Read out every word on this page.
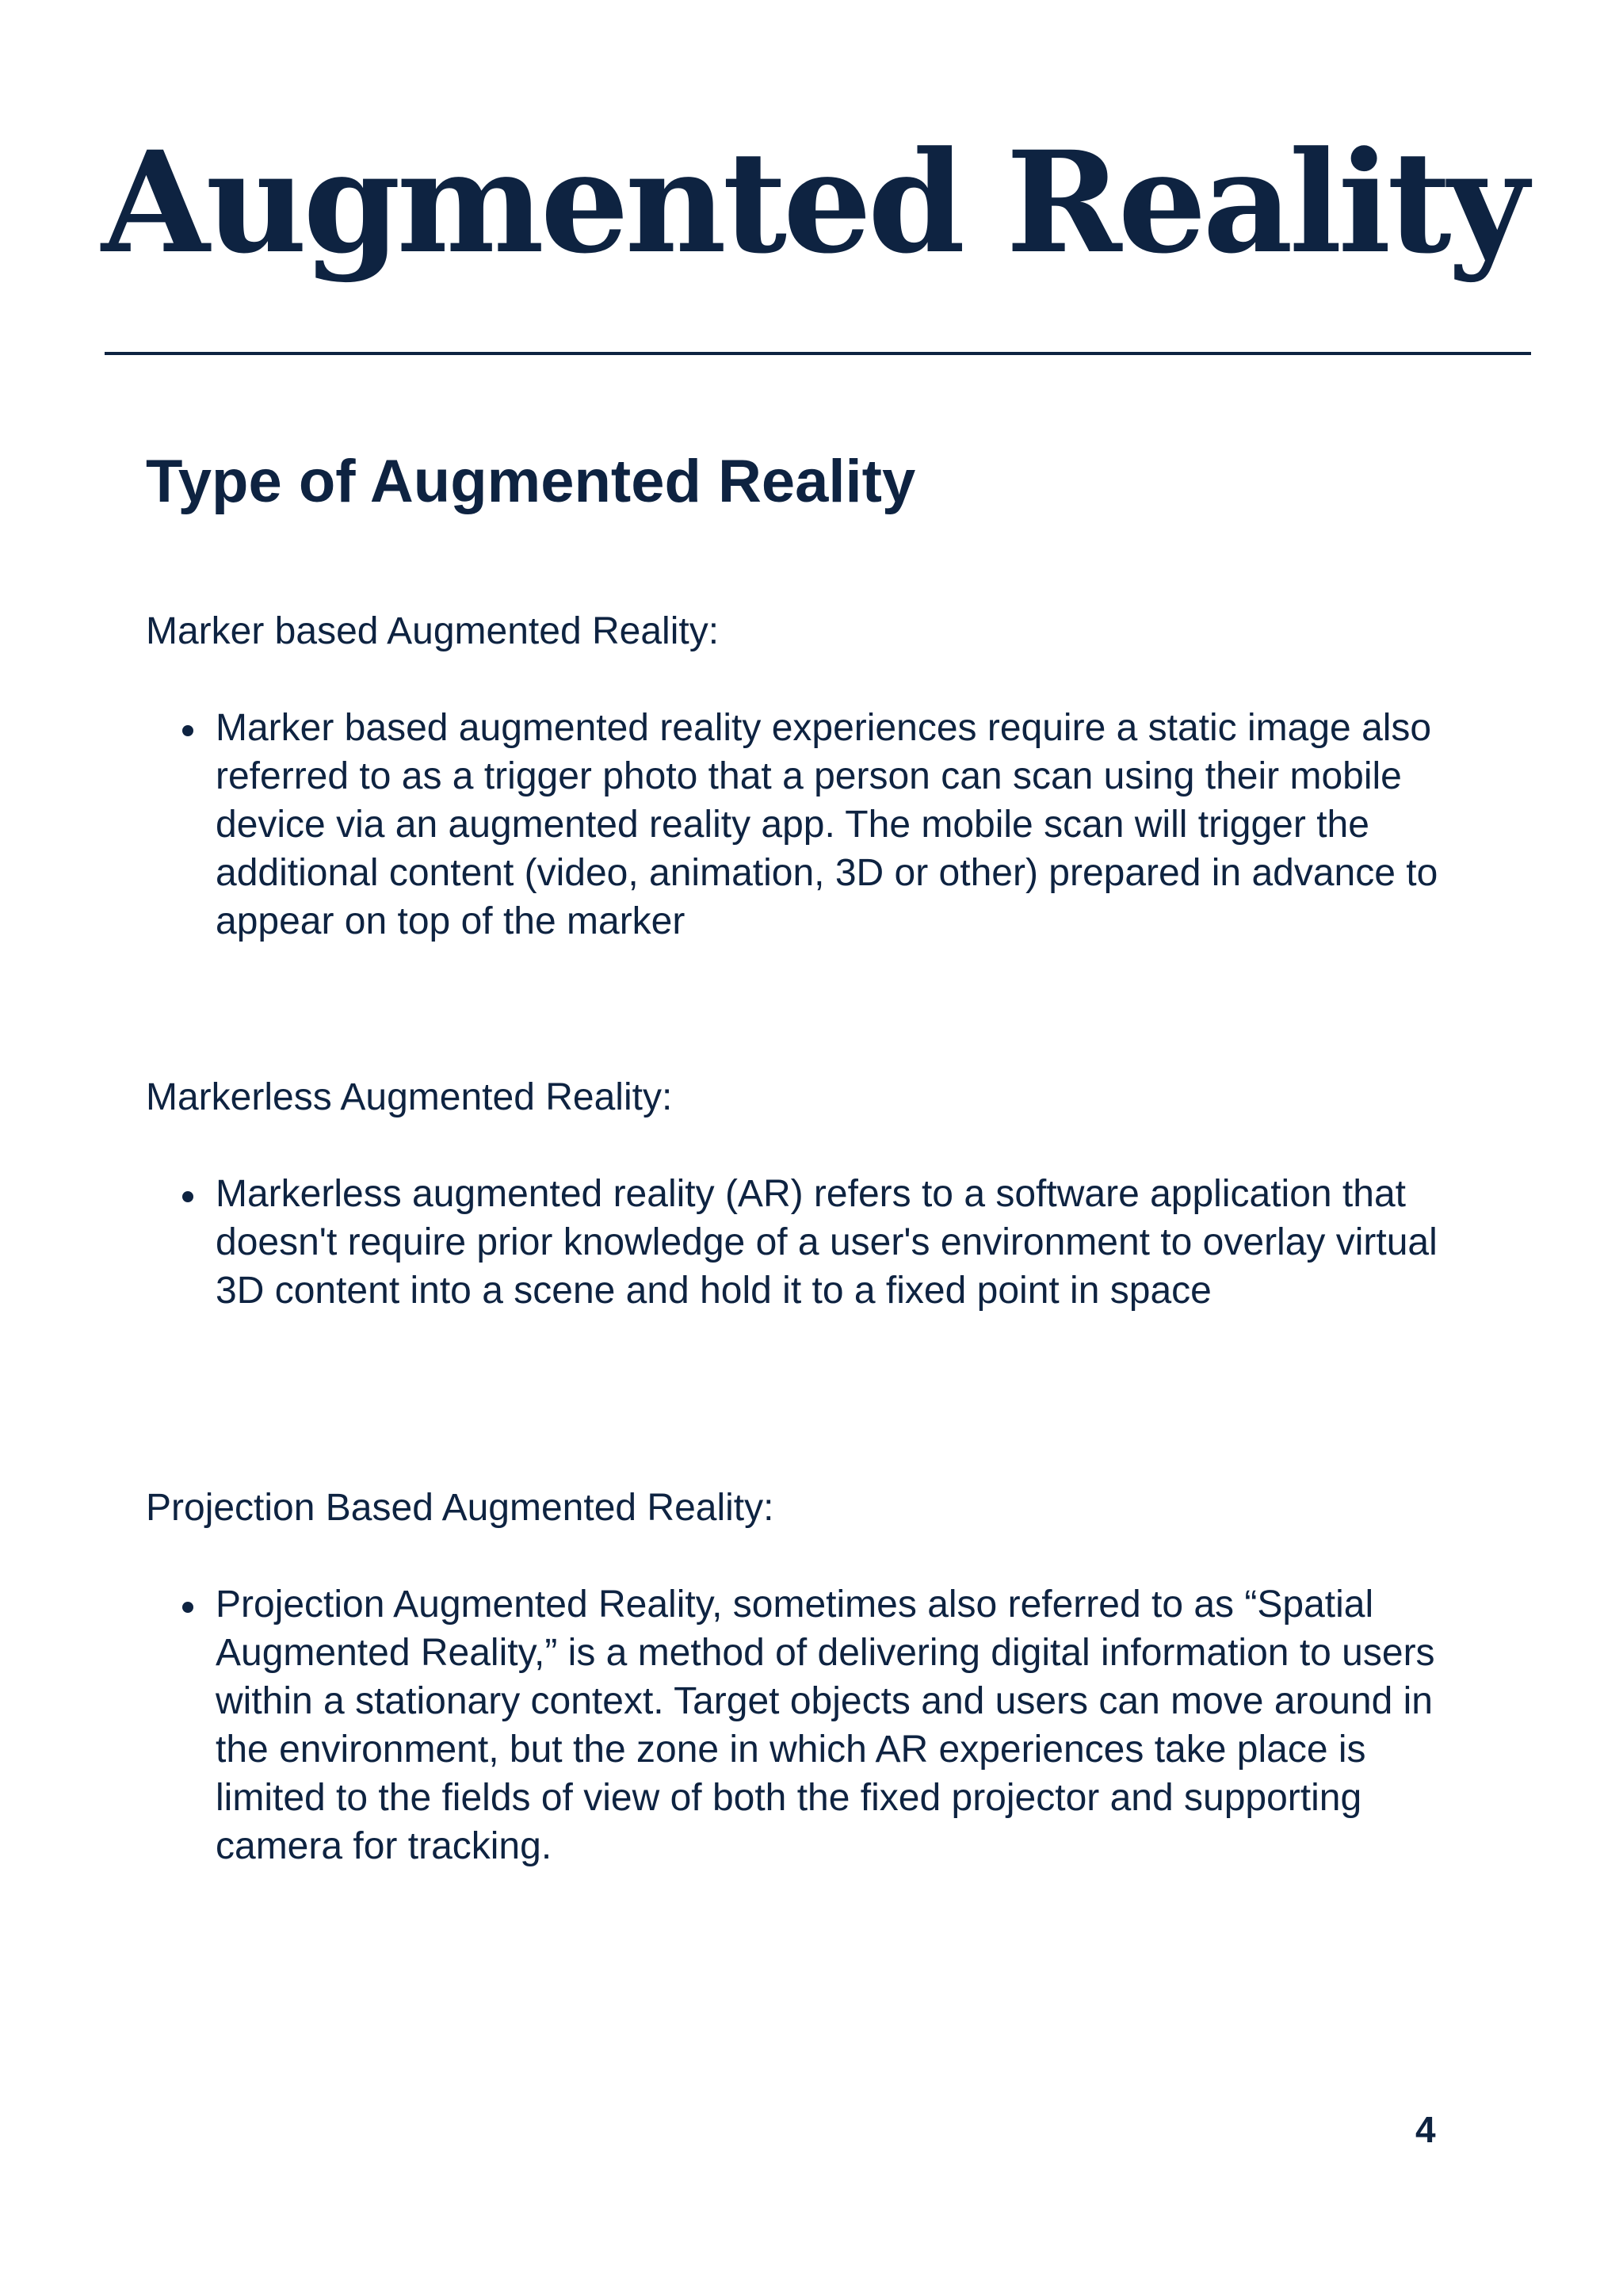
Augmented Reality
Type of Augmented Reality

Marker based Augmented Reality:

Marker based augmented reality experiences require a static image also referred to as a trigger photo that a person can scan using their mobile device via an augmented reality app. The mobile scan will trigger the additional content (video, animation, 3D or other) prepared in advance to appear on top of the marker

Markerless Augmented Reality:

Markerless augmented reality (AR) refers to a software application that doesn't require prior knowledge of a user's environment to overlay virtual 3D content into a scene and hold it to a fixed point in space

Projection Based Augmented Reality:

Projection Augmented Reality, sometimes also referred to as “Spatial Augmented Reality,” is a method of delivering digital information to users within a stationary context. Target objects and users can move around in the environment, but the zone in which AR experiences take place is limited to the fields of view of both the fixed projector and supporting camera for tracking.
4
